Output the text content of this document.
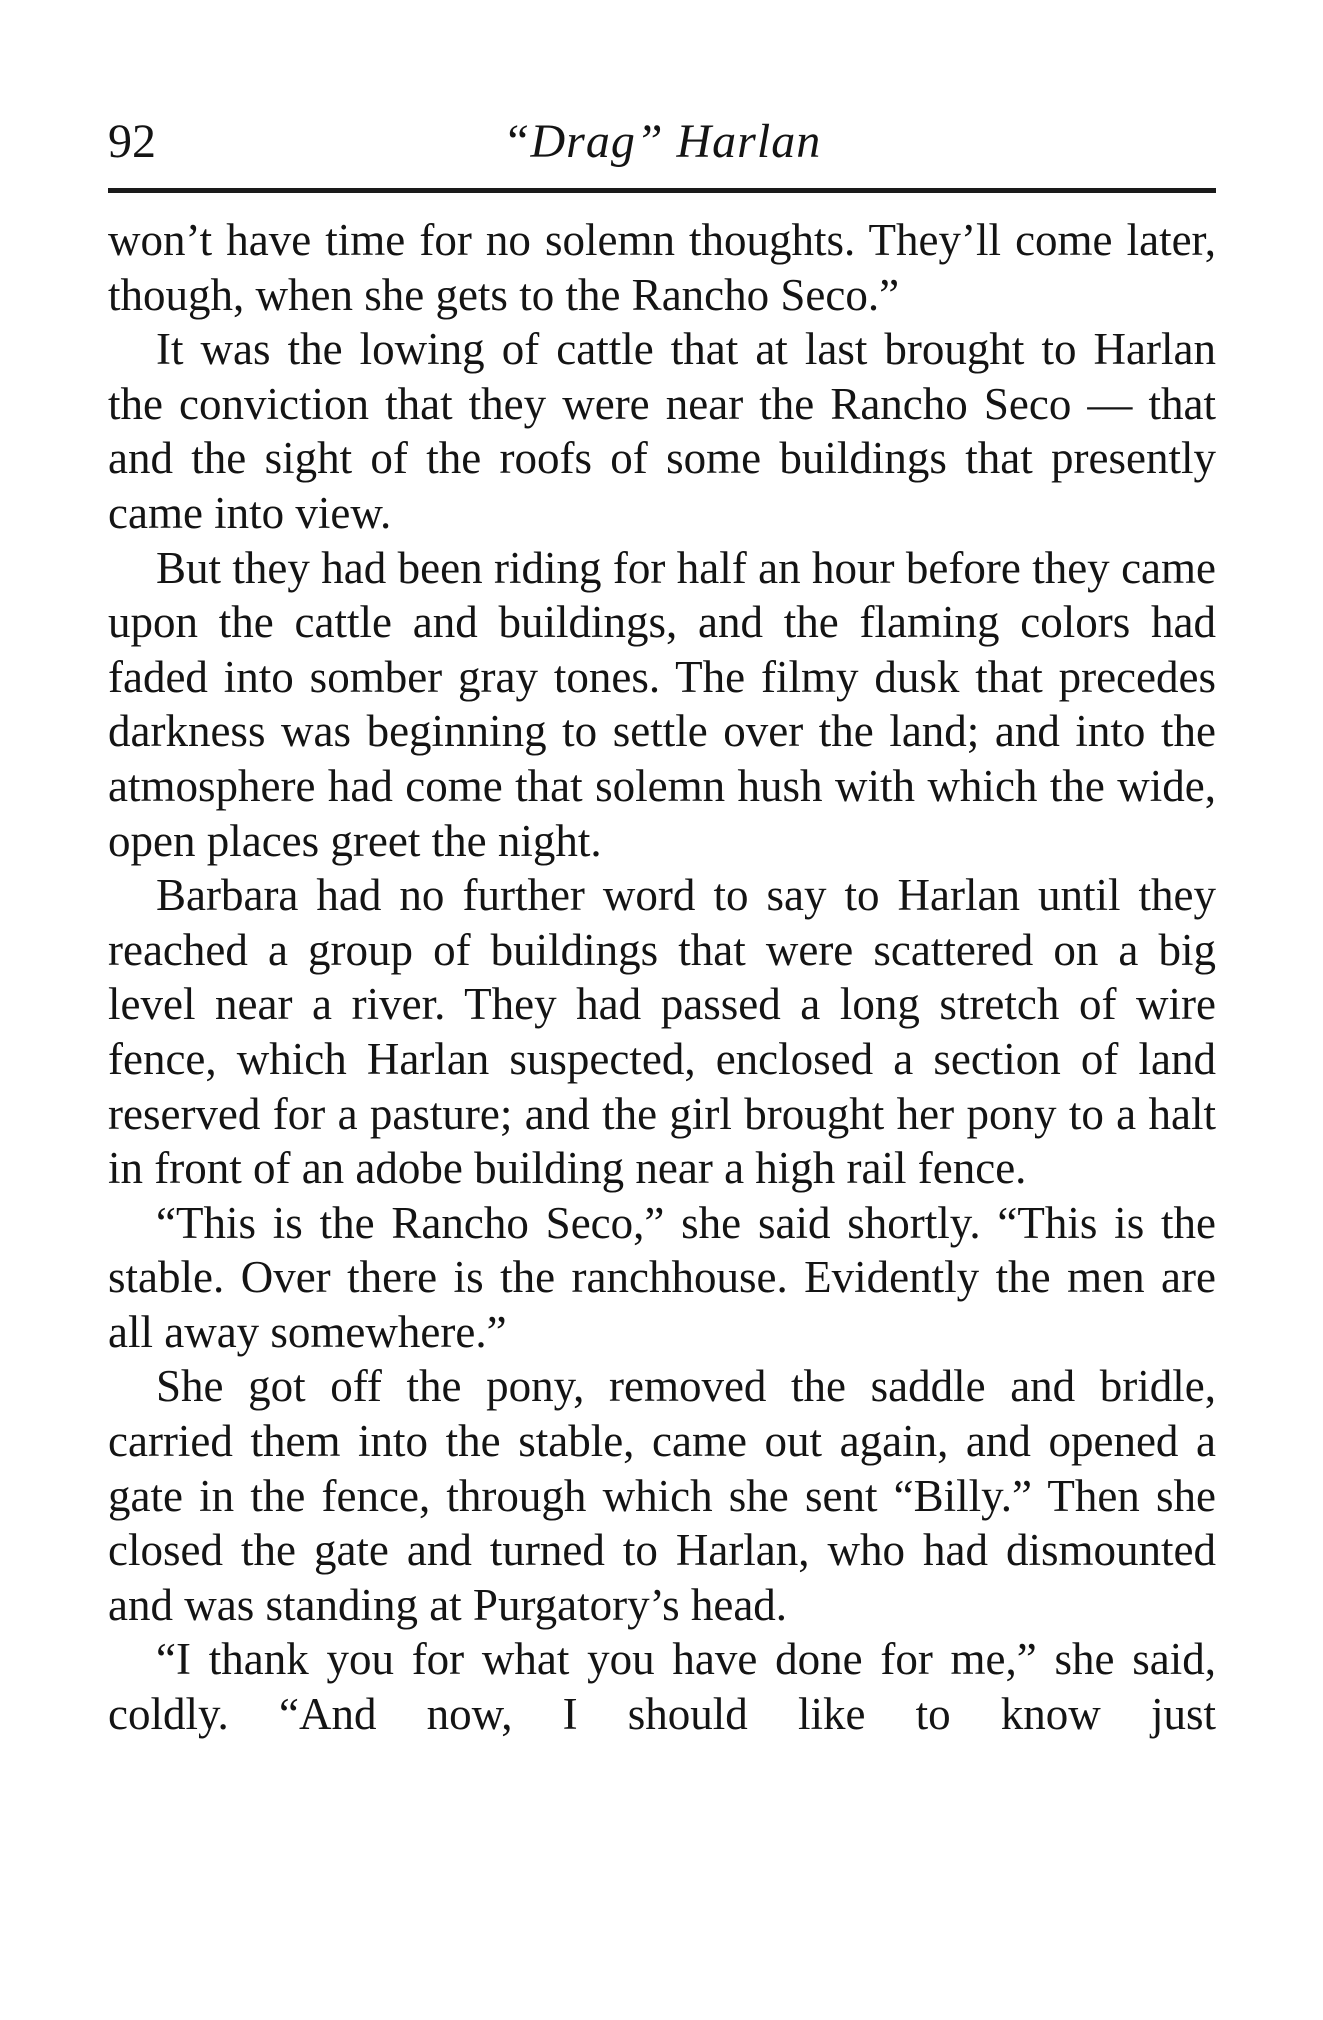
92	“Drag” Harlan

won’t have time for no solemn thoughts. They’ll come later, though, when she gets to the Rancho Seco.”

It was the lowing of cattle that at last brought to Harlan the conviction that they were near the Rancho Seco — that and the sight of the roofs of some buildings that presently came into view.

But they had been riding for half an hour before they came upon the cattle and buildings, and the flaming colors had faded into somber gray tones. The filmy dusk that precedes darkness was beginning to settle over the land; and into the atmosphere had come that solemn hush with which the wide, open places greet the night.

Barbara had no further word to say to Harlan until they reached a group of buildings that were scattered on a big level near a river. They had passed a long stretch of wire fence, which Harlan suspected, enclosed a section of land reserved for a pasture; and the girl brought her pony to a halt in front of an adobe building near a high rail fence.

“This is the Rancho Seco,” she said shortly. “This is the stable. Over there is the ranchhouse. Evidently the men are all away somewhere.”

She got off the pony, removed the saddle and bridle, carried them into the stable, came out again, and opened a gate in the fence, through which she sent “Billy.” Then she closed the gate and turned to Harlan, who had dismounted and was standing at Purgatory’s head.

“I thank you for what you have done for me,” she said, coldly. “And now, I should like to know just
